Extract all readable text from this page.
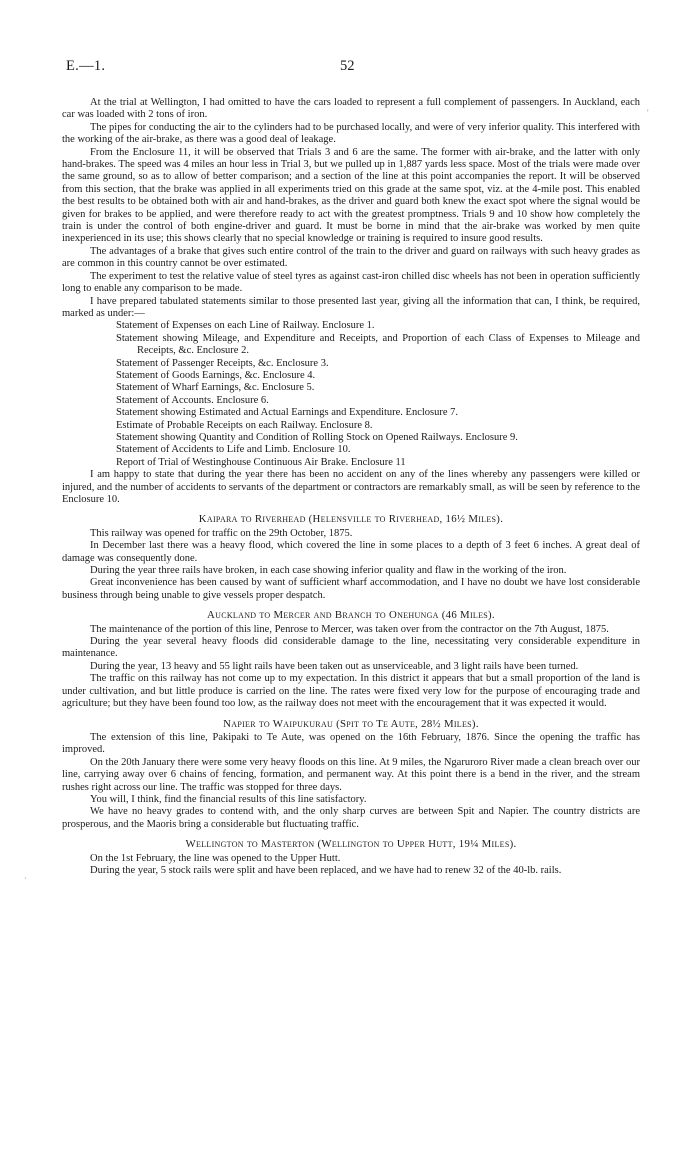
E.—1.	52
'
·

At the trial at Wellington, I had omitted to have the cars loaded to represent a full complement of passengers. In Auckland, each car was loaded with 2 tons of iron.

The pipes for conducting the air to the cylinders had to be purchased locally, and were of very inferior quality. This interfered with the working of the air-brake, as there was a good deal of leakage.

From the Enclosure 11, it will be observed that Trials 3 and 6 are the same. The former with air-brake, and the latter with only hand-brakes. The speed was 4 miles an hour less in Trial 3, but we pulled up in 1,887 yards less space. Most of the trials were made over the same ground, so as to allow of better comparison; and a section of the line at this point accompanies the report. It will be observed from this section, that the brake was applied in all experiments tried on this grade at the same spot, viz. at the 4-mile post. This enabled the best results to be obtained both with air and hand-brakes, as the driver and guard both knew the exact spot where the signal would be given for brakes to be applied, and were therefore ready to act with the greatest promptness. Trials 9 and 10 show how completely the train is under the control of both engine-driver and guard. It must be borne in mind that the air-brake was worked by men quite inexperienced in its use; this shows clearly that no special knowledge or training is required to insure good results.

The advantages of a brake that gives such entire control of the train to the driver and guard on railways with such heavy grades as are common in this country cannot be over estimated.

The experiment to test the relative value of steel tyres as against cast-iron chilled disc wheels has not been in operation sufficiently long to enable any comparison to be made.

I have prepared tabulated statements similar to those presented last year, giving all the information that can, I think, be required, marked as under:—

Statement of Expenses on each Line of Railway. Enclosure 1.

Statement showing Mileage, and Expenditure and Receipts, and Proportion of each Class of Expenses to Mileage and Receipts, &c. Enclosure 2.

Statement of Passenger Receipts, &c. Enclosure 3.

Statement of Goods Earnings, &c. Enclosure 4.

Statement of Wharf Earnings, &c. Enclosure 5.

Statement of Accounts. Enclosure 6.

Statement showing Estimated and Actual Earnings and Expenditure. Enclosure 7.

Estimate of Probable Receipts on each Railway. Enclosure 8.

Statement showing Quantity and Condition of Rolling Stock on Opened Railways. Enclosure 9.

Statement of Accidents to Life and Limb. Enclosure 10.

Report of Trial of Westinghouse Continuous Air Brake. Enclosure 11

I am happy to state that during the year there has been no accident on any of the lines whereby any passengers were killed or injured, and the number of accidents to servants of the department or contractors are remarkably small, as will be seen by reference to the Enclosure 10.

Kaipara to Riverhead (Helensville to Riverhead, 16½ Miles).

This railway was opened for traffic on the 29th October, 1875.

In December last there was a heavy flood, which covered the line in some places to a depth of 3 feet 6 inches. A great deal of damage was consequently done.

During the year three rails have broken, in each case showing inferior quality and flaw in the working of the iron.

Great inconvenience has been caused by want of sufficient wharf accommodation, and I have no doubt we have lost considerable business through being unable to give vessels proper despatch.

Auckland to Mercer and Branch to Onehunga (46 Miles).

The maintenance of the portion of this line, Penrose to Mercer, was taken over from the contractor on the 7th August, 1875.

During the year several heavy floods did considerable damage to the line, necessitating very considerable expenditure in maintenance.

During the year, 13 heavy and 55 light rails have been taken out as unserviceable, and 3 light rails have been turned.

The traffic on this railway has not come up to my expectation. In this district it appears that but a small proportion of the land is under cultivation, and but little produce is carried on the line. The rates were fixed very low for the purpose of encouraging trade and agriculture; but they have been found too low, as the railway does not meet with the encouragement that it was expected it would.

Napier to Waipukurau (Spit to Te Aute, 28½ Miles).

The extension of this line, Pakipaki to Te Aute, was opened on the 16th February, 1876. Since the opening the traffic has improved.

On the 20th January there were some very heavy floods on this line. At 9 miles, the Ngaruroro River made a clean breach over our line, carrying away over 6 chains of fencing, formation, and permanent way. At this point there is a bend in the river, and the stream rushes right across our line. The traffic was stopped for three days.

You will, I think, find the financial results of this line satisfactory.

We have no heavy grades to contend with, and the only sharp curves are between Spit and Napier. The country districts are prosperous, and the Maoris bring a considerable but fluctuating traffic.

Wellington to Masterton (Wellington to Upper Hutt, 19¼ Miles).

On the 1st February, the line was opened to the Upper Hutt.

During the year, 5 stock rails were split and have been replaced, and we have had to renew 32 of the 40-lb. rails.
